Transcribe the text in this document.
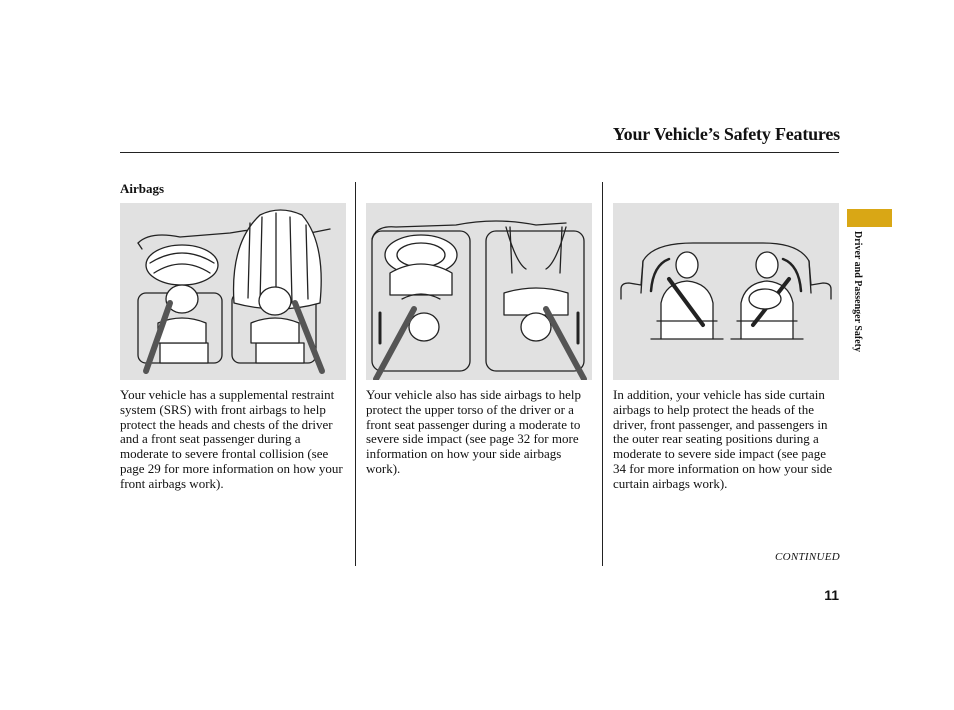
Your Vehicle’s Safety Features
Airbags

Your vehicle has a supplemental restraint system (SRS) with front airbags to help protect the heads and chests of the driver and a front seat passenger during a moderate to severe frontal collision (see page 29 for more information on how your front airbags work).

Your vehicle also has side airbags to help protect the upper torso of the driver or a front seat passenger during a moderate to severe side impact (see page 32 for more information on how your side airbags work).

In addition, your vehicle has side curtain airbags to help protect the heads of the driver, front passenger, and passengers in the outer rear seating positions during a moderate to severe side impact (see page 34 for more information on how your side curtain airbags work).

CONTINUED
11
Driver and Passenger Safety
